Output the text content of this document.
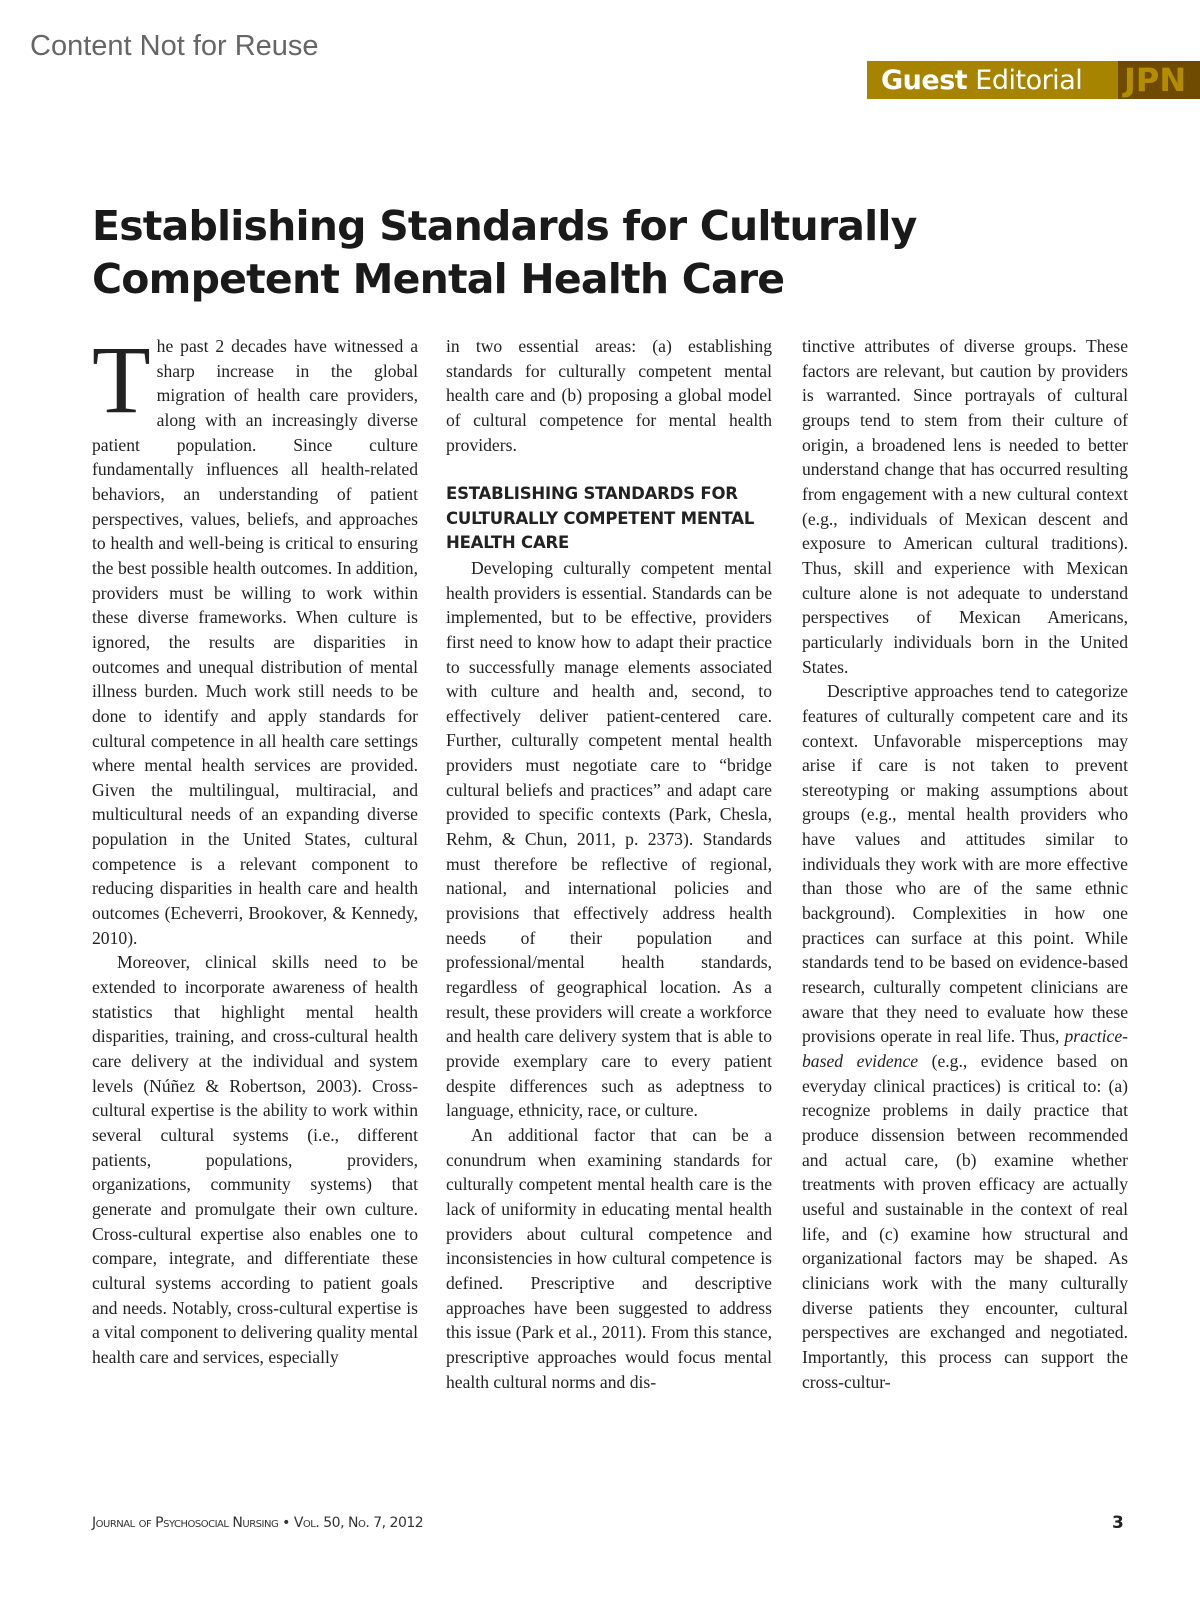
Content Not for Reuse
Guest Editorial JPN
Establishing Standards for Culturally
Competent Mental Health Care

The past 2 decades have witnessed a sharp increase in the global migration of health care providers, along with an increasingly diverse patient population. Since culture fundamentally influences all health-related behaviors, an understanding of patient perspectives, values, beliefs, and approaches to health and well-being is critical to ensuring the best possible health outcomes. In addition, providers must be willing to work within these diverse frameworks. When culture is ignored, the results are disparities in outcomes and unequal distribution of mental illness burden. Much work still needs to be done to identify and apply standards for cultural competence in all health care settings where mental health services are provided. Given the multilingual, multiracial, and multicultural needs of an expanding diverse population in the United States, cultural competence is a relevant component to reducing disparities in health care and health outcomes (Echeverri, Brookover, & Kennedy, 2010).

Moreover, clinical skills need to be extended to incorporate awareness of health statistics that highlight mental health disparities, training, and cross-cultural health care delivery at the individual and system levels (Núñez & Robertson, 2003). Cross-cultural expertise is the ability to work within several cultural systems (i.e., different patients, populations, providers, organizations, community systems) that generate and promulgate their own culture. Cross-cultural expertise also enables one to compare, integrate, and differentiate these cultural systems according to patient goals and needs. Notably, cross-cultural expertise is a vital component to delivering quality mental health care and services, especially

in two essential areas: (a) establishing standards for culturally competent mental health care and (b) proposing a global model of cultural competence for mental health providers.

ESTABLISHING STANDARDS FOR CULTURALLY COMPETENT MENTAL HEALTH CARE

Developing culturally competent mental health providers is essential. Standards can be implemented, but to be effective, providers first need to know how to adapt their practice to successfully manage elements associated with culture and health and, second, to effectively deliver patient-centered care. Further, culturally competent mental health providers must negotiate care to “bridge cultural beliefs and practices” and adapt care provided to specific contexts (Park, Chesla, Rehm, & Chun, 2011, p. 2373). Standards must therefore be reflective of regional, national, and international policies and provisions that effectively address health needs of their population and professional/mental health standards, regardless of geographical location. As a result, these providers will create a workforce and health care delivery system that is able to provide exemplary care to every patient despite differences such as adeptness to language, ethnicity, race, or culture.

An additional factor that can be a conundrum when examining standards for culturally competent mental health care is the lack of uniformity in educating mental health providers about cultural competence and inconsistencies in how cultural competence is defined. Prescriptive and descriptive approaches have been suggested to address this issue (Park et al., 2011). From this stance, prescriptive approaches would focus mental health cultural norms and dis-

tinctive attributes of diverse groups. These factors are relevant, but caution by providers is warranted. Since portrayals of cultural groups tend to stem from their culture of origin, a broadened lens is needed to better understand change that has occurred resulting from engagement with a new cultural context (e.g., individuals of Mexican descent and exposure to American cultural traditions). Thus, skill and experience with Mexican culture alone is not adequate to understand perspectives of Mexican Americans, particularly individuals born in the United States.

Descriptive approaches tend to categorize features of culturally competent care and its context. Unfavorable misperceptions may arise if care is not taken to prevent stereotyping or making assumptions about groups (e.g., mental health providers who have values and attitudes similar to individuals they work with are more effective than those who are of the same ethnic background). Complexities in how one practices can surface at this point. While standards tend to be based on evidence-based research, culturally competent clinicians are aware that they need to evaluate how these provisions operate in real life. Thus, practice-based evidence (e.g., evidence based on everyday clinical practices) is critical to: (a) recognize problems in daily practice that produce dissension between recommended and actual care, (b) examine whether treatments with proven efficacy are actually useful and sustainable in the context of real life, and (c) examine how structural and organizational factors may be shaped. As clinicians work with the many culturally diverse patients they encounter, cultural perspectives are exchanged and negotiated. Importantly, this process can support the cross-cultur-

Journal of Psychosocial Nursing • Vol. 50, No. 7, 2012	3
